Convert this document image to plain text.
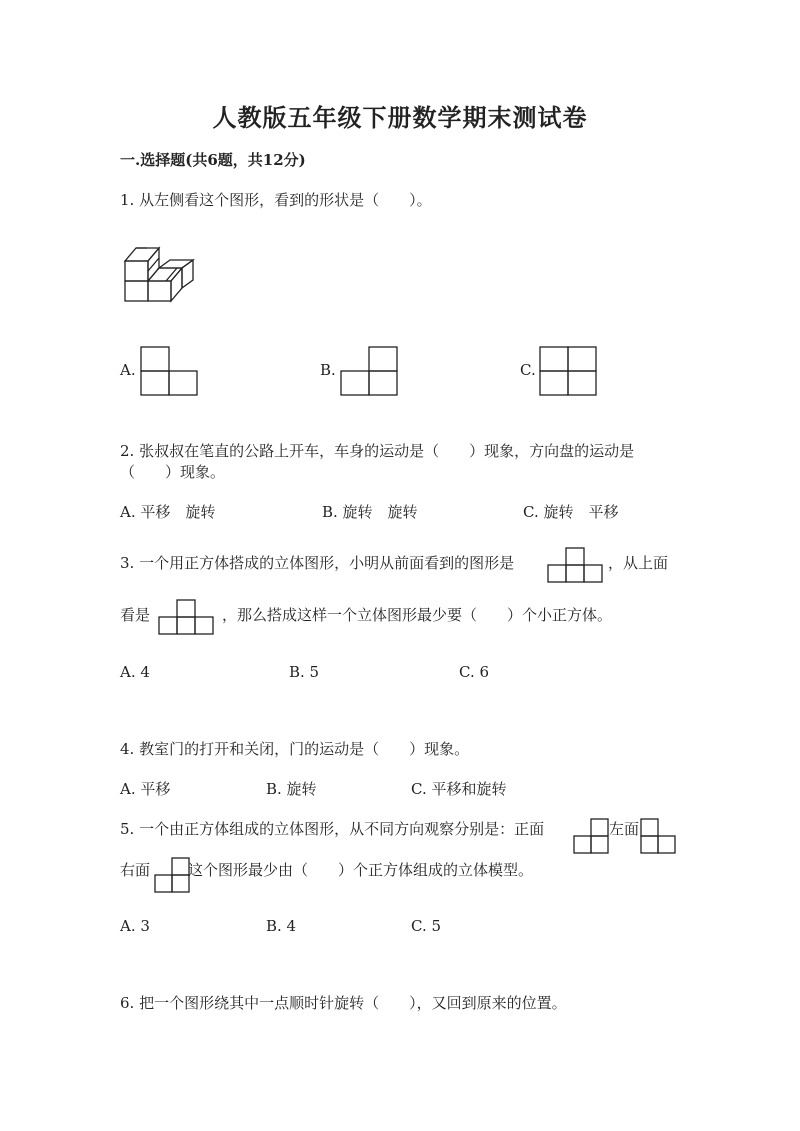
人教版五年级下册数学期末测试卷
一.选择题(共6题，共12分)
1. 从左侧看这个图形，看到的形状是（　　）。
A.	B.	C.
2. 张叔叔在笔直的公路上开车，车身的运动是（　　）现象，方向盘的运动是
（　　）现象。
A. 平移　旋转	B. 旋转　旋转	C. 旋转　平移
3. 一个用正方体搭成的立体图形，小明从前面看到的图形是	，从上面
看是	，那么搭成这样一个立体图形最少要（　　）个小正方体。
A. 4	B. 5	C. 6
4. 教室门的打开和关闭，门的运动是（　　）现象。
A. 平移	B. 旋转	C. 平移和旋转
5. 一个由正方体组成的立体图形，从不同方向观察分别是：正面	左面
右面	这个图形最少由（　　）个正方体组成的立体模型。
A. 3	B. 4	C. 5
6. 把一个图形绕其中一点顺时针旋转（　　），又回到原来的位置。
